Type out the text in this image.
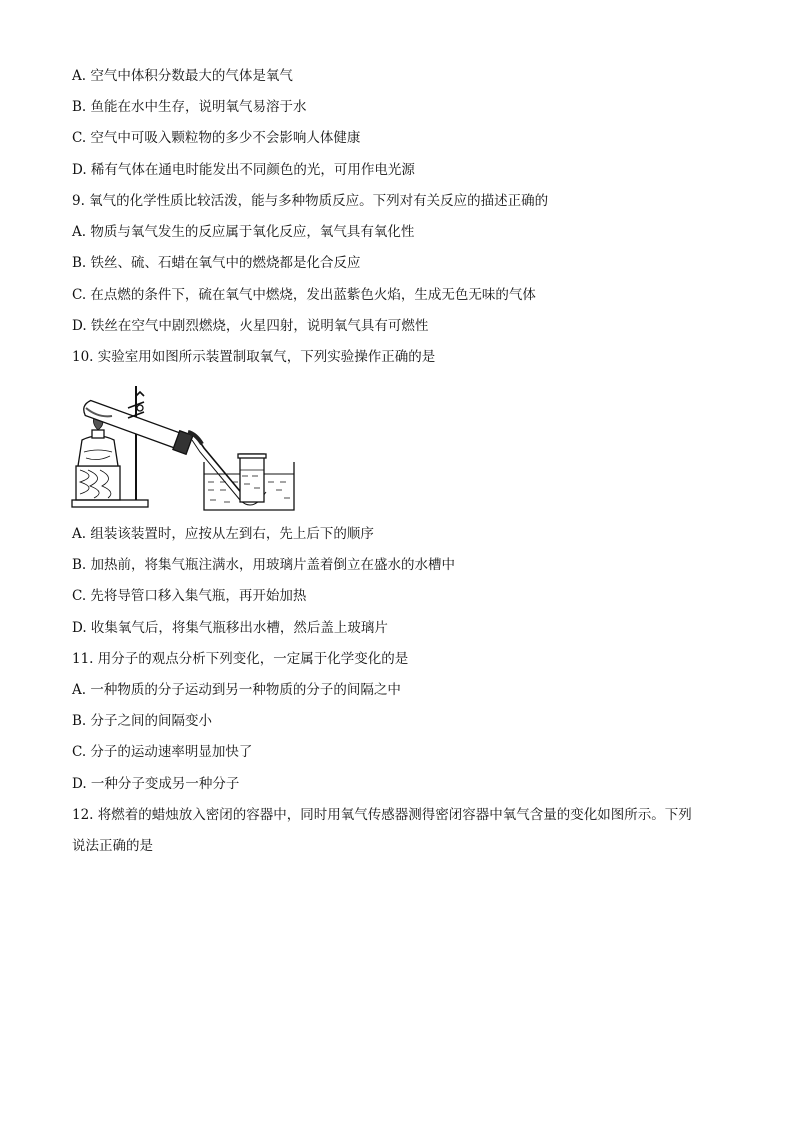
A. 空气中体积分数最大的气体是氧气
B. 鱼能在水中生存，说明氧气易溶于水
C. 空气中可吸入颗粒物的多少不会影响人体健康
D. 稀有气体在通电时能发出不同颜色的光，可用作电光源
9. 氧气的化学性质比较活泼，能与多种物质反应。下列对有关反应的描述正确的
A. 物质与氧气发生的反应属于氧化反应，氧气具有氧化性
B. 铁丝、硫、石蜡在氧气中的燃烧都是化合反应
C. 在点燃的条件下，硫在氧气中燃烧，发出蓝紫色火焰，生成无色无味的气体
D. 铁丝在空气中剧烈燃烧，火星四射，说明氧气具有可燃性
10. 实验室用如图所示装置制取氧气，下列实验操作正确的是
A. 组装该装置时，应按从左到右，先上后下的顺序
B. 加热前，将集气瓶注满水，用玻璃片盖着倒立在盛水的水槽中
C. 先将导管口移入集气瓶，再开始加热
D. 收集氧气后，将集气瓶移出水槽，然后盖上玻璃片
11. 用分子的观点分析下列变化，一定属于化学变化的是
A. 一种物质的分子运动到另一种物质的分子的间隔之中
B. 分子之间的间隔变小
C. 分子的运动速率明显加快了
D. 一种分子变成另一种分子
12. 将燃着的蜡烛放入密闭的容器中，同时用氧气传感器测得密闭容器中氧气含量的变化如图所示。下列
说法正确的是
